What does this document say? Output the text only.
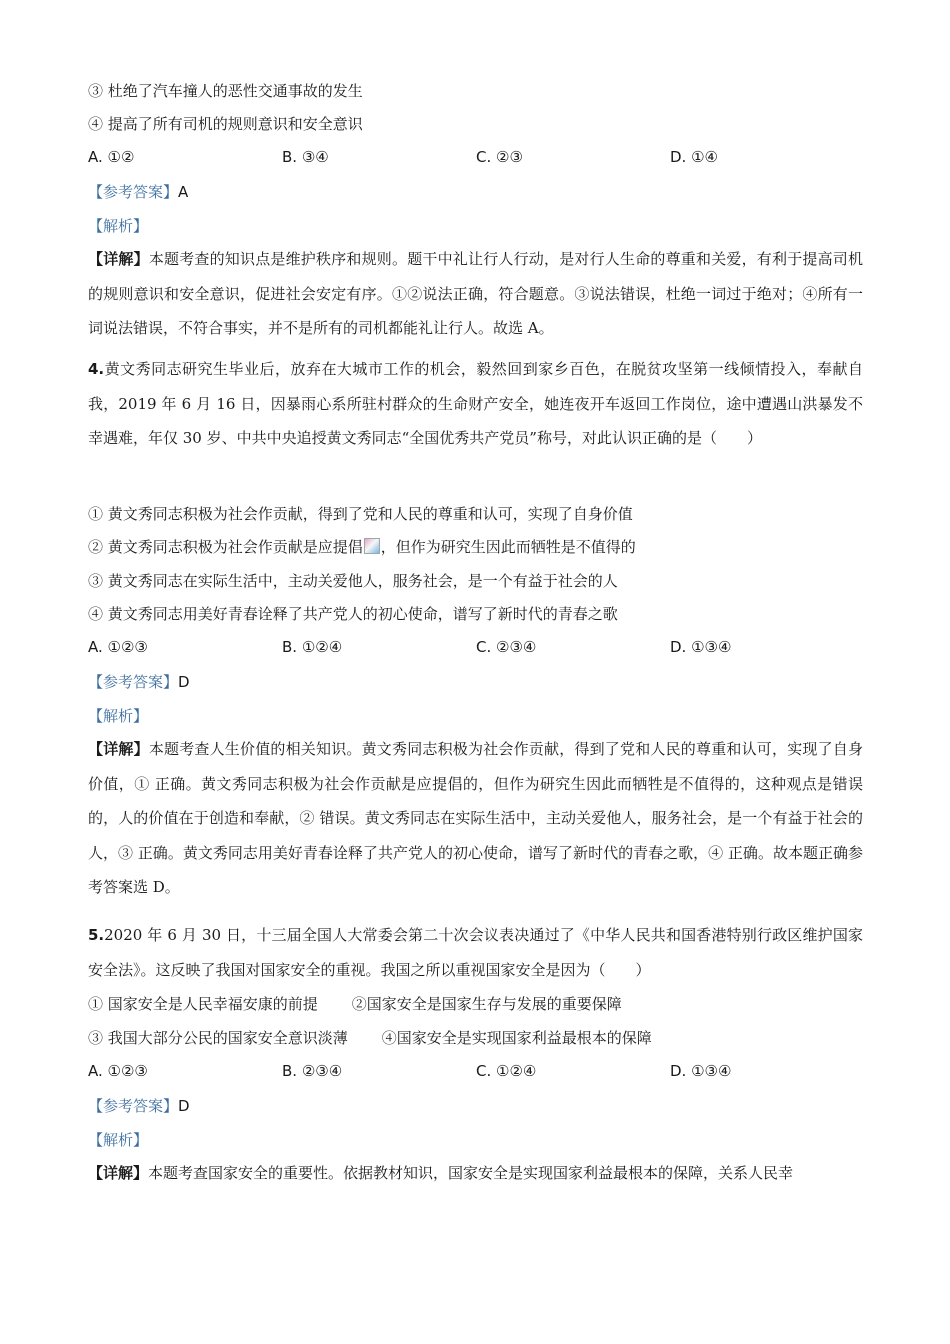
③ 杜绝了汽车撞人的恶性交通事故的发生
④ 提高了所有司机的规则意识和安全意识
A. ①②	B. ③④	C. ②③	D. ①④
【参考答案】A
【解析】
【详解】本题考查的知识点是维护秩序和规则。题干中礼让行人行动，是对行人生命的尊重和关爱，有利于提高司机的规则意识和安全意识，促进社会安定有序。①②说法正确，符合题意。③说法错误，杜绝一词过于绝对；④所有一词说法错误，不符合事实，并不是所有的司机都能礼让行人。故选 A。
4.黄文秀同志研究生毕业后，放弃在大城市工作的机会，毅然回到家乡百色，在脱贫攻坚第一线倾情投入，奉献自我，2019 年 6 月 16 日，因暴雨心系所驻村群众的生命财产安全，她连夜开车返回工作岗位，途中遭遇山洪暴发不幸遇难，年仅 30 岁、中共中央追授黄文秀同志“全国优秀共产党员”称号，对此认识正确的是（　　）
① 黄文秀同志积极为社会作贡献，得到了党和人民的尊重和认可，实现了自身价值
② 黄文秀同志积极为社会作贡献是应提倡 ，但作为研究生因此而牺牲是不值得的
③ 黄文秀同志在实际生活中，主动关爱他人，服务社会，是一个有益于社会的人
④ 黄文秀同志用美好青春诠释了共产党人的初心使命，谱写了新时代的青春之歌
A. ①②③	B. ①②④	C. ②③④	D. ①③④
【参考答案】D
【解析】
【详解】本题考查人生价值的相关知识。黄文秀同志积极为社会作贡献，得到了党和人民的尊重和认可，实现了自身价值，① 正确。黄文秀同志积极为社会作贡献是应提倡的，但作为研究生因此而牺牲是不值得的，这种观点是错误的，人的价值在于创造和奉献，② 错误。黄文秀同志在实际生活中，主动关爱他人，服务社会，是一个有益于社会的人，③ 正确。黄文秀同志用美好青春诠释了共产党人的初心使命，谱写了新时代的青春之歌，④ 正确。故本题正确参考答案选 D。
5.2020 年 6 月 30 日，十三届全国人大常委会第二十次会议表决通过了《中华人民共和国香港特别行政区维护国家安全法》。这反映了我国对国家安全的重视。我国之所以重视国家安全是因为（　　）
① 国家安全是人民幸福安康的前提 ②国家安全是国家生存与发展的重要保障
③ 我国大部分公民的国家安全意识淡薄 ④国家安全是实现国家利益最根本的保障
A. ①②③	B. ②③④	C. ①②④	D. ①③④
【参考答案】D
【解析】
【详解】本题考查国家安全的重要性。依据教材知识，国家安全是实现国家利益最根本的保障，关系人民幸
